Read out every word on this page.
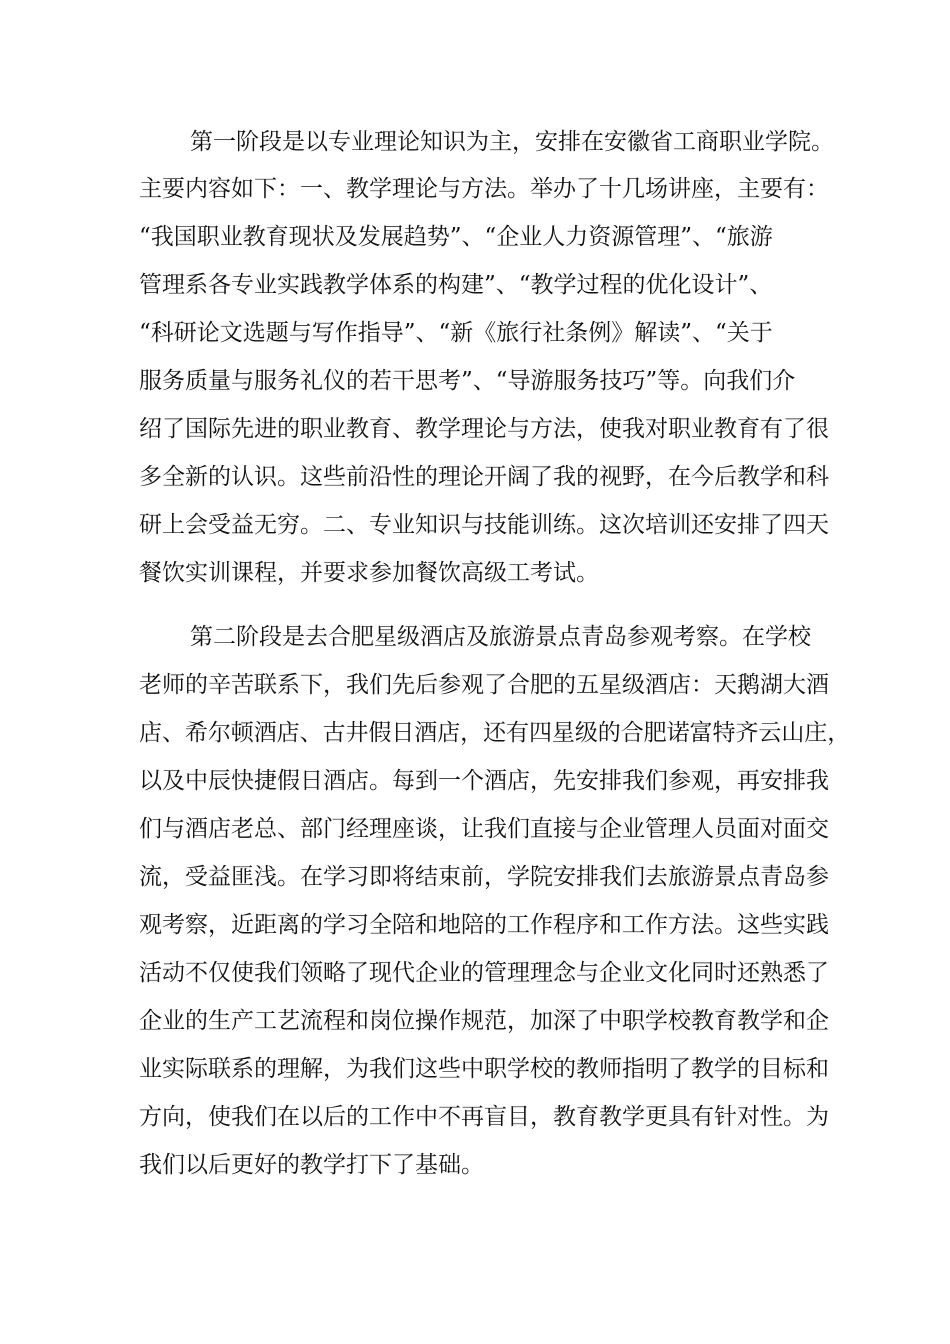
第一阶段是以专业理论知识为主，安排在安徽省工商职业学院。
主要内容如下：一、教学理论与方法。举办了十几场讲座，主要有：
“我国职业教育现状及发展趋势”、“企业人力资源管理”、“旅游
管理系各专业实践教学体系的构建”、“教学过程的优化设计”、
“科研论文选题与写作指导”、“新《旅行社条例》解读”、“关于
服务质量与服务礼仪的若干思考”、“导游服务技巧”等。向我们介
绍了国际先进的职业教育、教学理论与方法，使我对职业教育有了很
多全新的认识。这些前沿性的理论开阔了我的视野，在今后教学和科
研上会受益无穷。二、专业知识与技能训练。这次培训还安排了四天
餐饮实训课程，并要求参加餐饮高级工考试。
第二阶段是去合肥星级酒店及旅游景点青岛参观考察。在学校
老师的辛苦联系下，我们先后参观了合肥的五星级酒店：天鹅湖大酒
店、希尔顿酒店、古井假日酒店，还有四星级的合肥诺富特齐云山庄，
以及中辰快捷假日酒店。每到一个酒店，先安排我们参观，再安排我
们与酒店老总、部门经理座谈，让我们直接与企业管理人员面对面交
流，受益匪浅。在学习即将结束前，学院安排我们去旅游景点青岛参
观考察，近距离的学习全陪和地陪的工作程序和工作方法。这些实践
活动不仅使我们领略了现代企业的管理理念与企业文化同时还熟悉了
企业的生产工艺流程和岗位操作规范，加深了中职学校教育教学和企
业实际联系的理解，为我们这些中职学校的教师指明了教学的目标和
方向，使我们在以后的工作中不再盲目，教育教学更具有针对性。为
我们以后更好的教学打下了基础。
